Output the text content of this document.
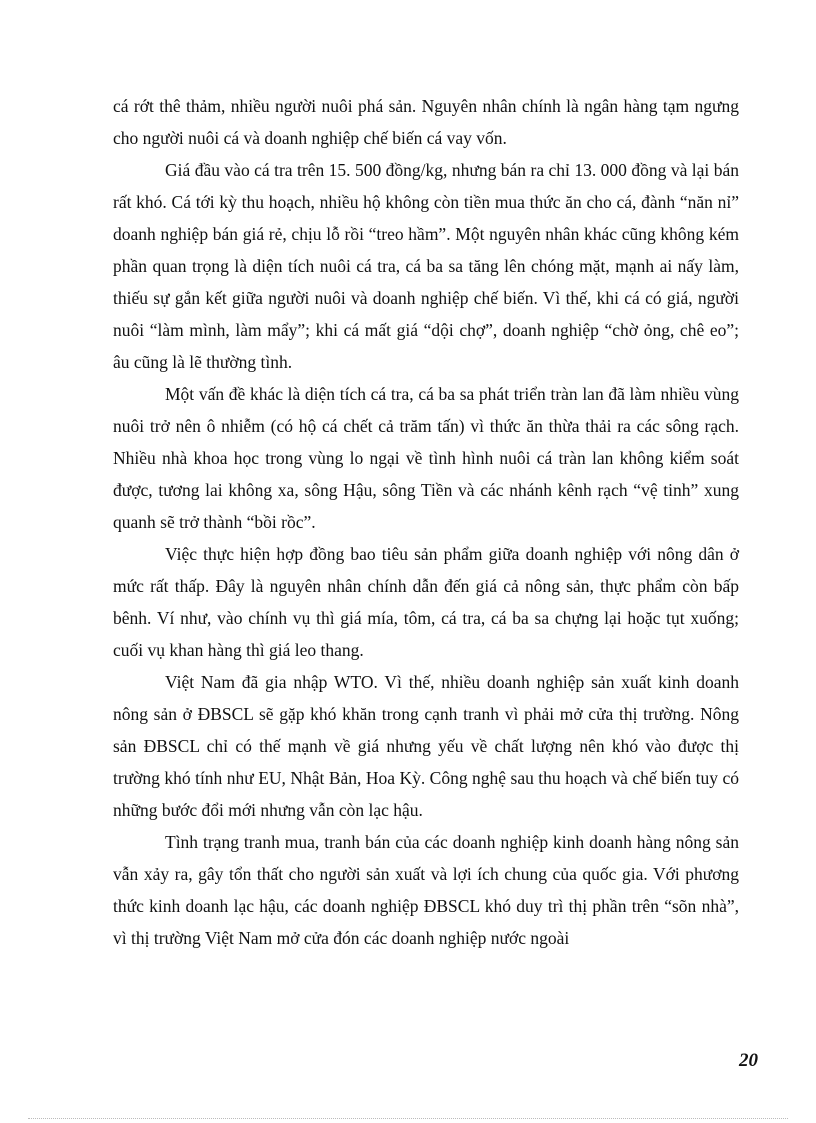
cá rớt thê thảm, nhiều người nuôi phá sản. Nguyên nhân chính là ngân hàng tạm ngưng cho người nuôi cá và doanh nghiệp chế biến cá vay vốn.

Giá đầu vào cá tra trên 15. 500 đồng/kg, nhưng bán ra chỉ 13. 000 đồng và lại bán rất khó. Cá tới kỳ thu hoạch, nhiều hộ không còn tiền mua thức ăn cho cá, đành “năn nỉ” doanh nghiệp bán giá rẻ, chịu lỗ rồi “treo hầm”. Một nguyên nhân khác cũng không kém phần quan trọng là diện tích nuôi cá tra, cá ba sa tăng lên chóng mặt, mạnh ai nấy làm, thiếu sự gắn kết giữa người nuôi và doanh nghiệp chế biến. Vì thế, khi cá có giá, người nuôi “làm mình, làm mẩy”; khi cá mất giá “dội chợ”, doanh nghiệp “chờ ỏng, chê eo”; âu cũng là lẽ thường tình.

Một vấn đề khác là diện tích cá tra, cá ba sa phát triển tràn lan đã làm nhiều vùng nuôi trở nên ô nhiễm (có hộ cá chết cả trăm tấn) vì thức ăn thừa thải ra các sông rạch. Nhiều nhà khoa học trong vùng lo ngại về tình hình nuôi cá tràn lan không kiểm soát được, tương lai không xa, sông Hậu, sông Tiền và các nhánh kênh rạch “vệ tinh” xung quanh sẽ trở thành “bồi rồc”.

Việc thực hiện hợp đồng bao tiêu sản phẩm giữa doanh nghiệp với nông dân ở mức rất thấp. Đây là nguyên nhân chính dẫn đến giá cả nông sản, thực phẩm còn bấp bênh. Ví như, vào chính vụ thì giá mía, tôm, cá tra, cá ba sa chựng lại hoặc tụt xuống; cuối vụ khan hàng thì giá leo thang.

Việt Nam đã gia nhập WTO. Vì thế, nhiều doanh nghiệp sản xuất kinh doanh nông sản ở ĐBSCL sẽ gặp khó khăn trong cạnh tranh vì phải mở cửa thị trường. Nông sản ĐBSCL chỉ có thế mạnh về giá nhưng yếu về chất lượng nên khó vào được thị trường khó tính như EU, Nhật Bản, Hoa Kỳ. Công nghệ sau thu hoạch và chế biến tuy có những bước đổi mới nhưng vẫn còn lạc hậu.

Tình trạng tranh mua, tranh bán của các doanh nghiệp kinh doanh hàng nông sản vẫn xảy ra, gây tổn thất cho người sản xuất và lợi ích chung của quốc gia. Với phương thức kinh doanh lạc hậu, các doanh nghiệp ĐBSCL khó duy trì thị phần trên “sõn nhà”, vì thị trường Việt Nam mở cửa đón các doanh nghiệp nước ngoài

20
